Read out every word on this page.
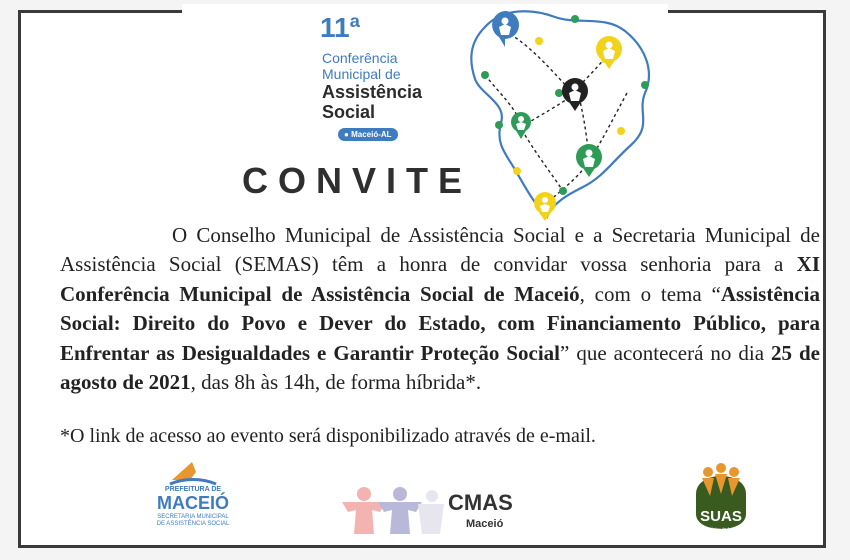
11ª
Conferência
Municipal de
Assistência
Social
● Maceió-AL
CONVITE
O Conselho Municipal de Assistência Social e a Secretaria Municipal de Assistência Social (SEMAS) têm a honra de convidar vossa senhoria para a XI Conferência Municipal de Assistência Social de Maceió, com o tema “Assistência Social: Direito do Povo e Dever do Estado, com Financiamento Público, para Enfrentar as Desigualdades e Garantir Proteção Social” que acontecerá no dia 25 de agosto de 2021, das 8h às 14h, de forma híbrida*.
*O link de acesso ao evento será disponibilizado através de e-mail.
PREFEITURA DE
MACEIÓ
SECRETARIA MUNICIPAL
DE ASSISTÊNCIA SOCIAL
CMAS
Maceió	SUAS
Sistema Único de Assistência Social
